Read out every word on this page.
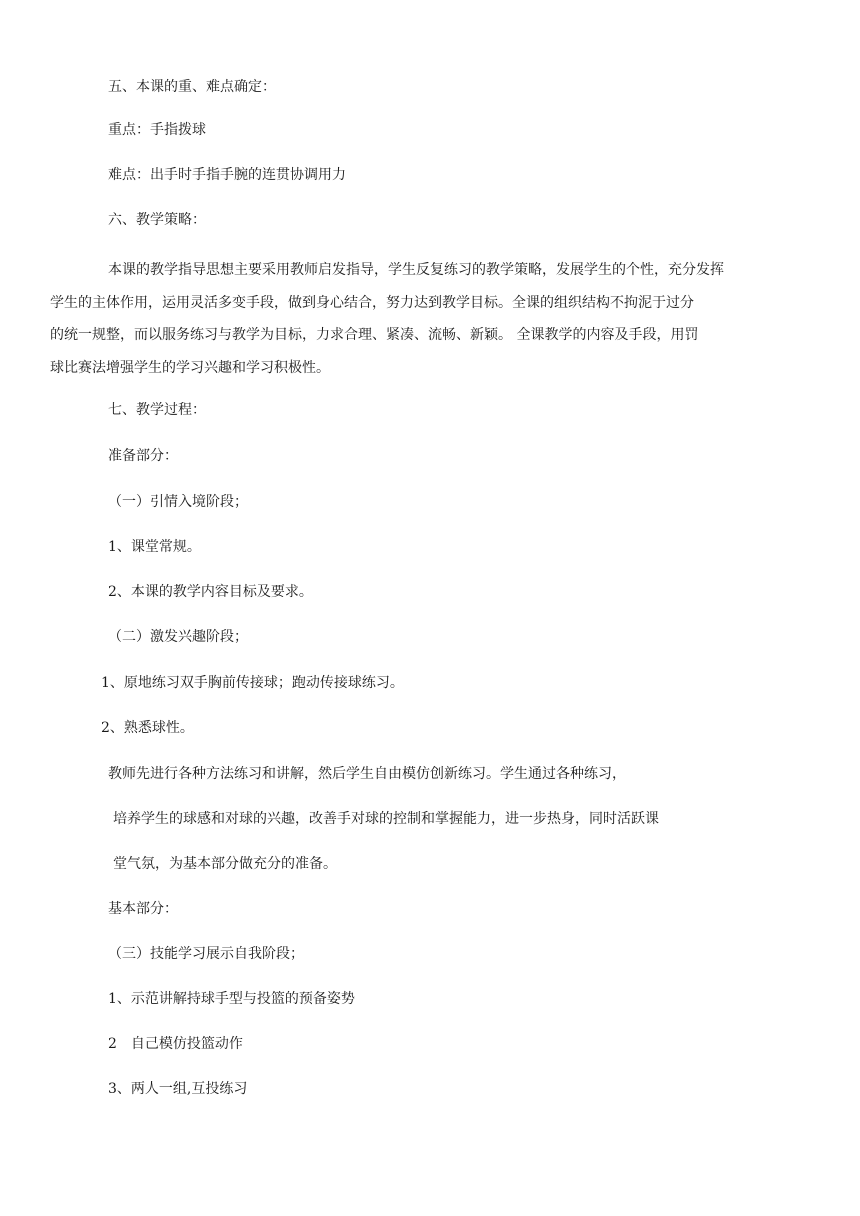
五、本课的重、难点确定：
重点：手指拨球
难点：出手时手指手腕的连贯协调用力
六、教学策略：
本课的教学指导思想主要采用教师启发指导，学生反复练习的教学策略，发展学生的个性，充分发挥
学生的主体作用，运用灵活多变手段，做到身心结合，努力达到教学目标。全课的组织结构不拘泥于过分
的统一规整，而以服务练习与教学为目标，力求合理、紧凑、流畅、新颖。 全课教学的内容及手段，用罚
球比赛法增强学生的学习兴趣和学习积极性。
七、教学过程：
准备部分：
（一）引情入境阶段；
1、课堂常规。
2、本课的教学内容目标及要求。
（二）激发兴趣阶段；
1、原地练习双手胸前传接球；跑动传接球练习。
2、熟悉球性。
教师先进行各种方法练习和讲解，然后学生自由模仿创新练习。学生通过各种练习，
培养学生的球感和对球的兴趣，改善手对球的控制和掌握能力，进一步热身，同时活跃课
堂气氛，为基本部分做充分的准备。
基本部分：
（三）技能学习展示自我阶段；
1、示范讲解持球手型与投篮的预备姿势
2　自己模仿投篮动作
3、两人一组,互投练习
